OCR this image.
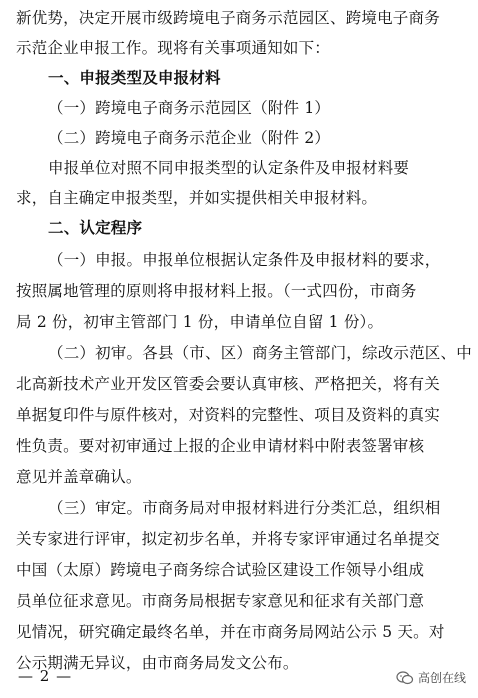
新优势，决定开展市级跨境电子商务示范园区、跨境电子商务
示范企业申报工作。现将有关事项通知如下：
一、申报类型及申报材料
（一）跨境电子商务示范园区（附件 1）
（二）跨境电子商务示范企业（附件 2）
申报单位对照不同申报类型的认定条件及申报材料要
求，自主确定申报类型，并如实提供相关申报材料。
二、认定程序
（一）申报。申报单位根据认定条件及申报材料的要求，
按照属地管理的原则将申报材料上报。（一式四份，市商务
局 2 份，初审主管部门 1 份，申请单位自留 1 份）。
（二）初审。各县（市、区）商务主管部门，综改示范区、中
北高新技术产业开发区管委会要认真审核、严格把关，将有关
单据复印件与原件核对，对资料的完整性、项目及资料的真实
性负责。要对初审通过上报的企业申请材料中附表签署审核
意见并盖章确认。
（三）审定。市商务局对申报材料进行分类汇总，组织相
关专家进行评审，拟定初步名单，并将专家评审通过名单提交
中国（太原）跨境电子商务综合试验区建设工作领导小组成
员单位征求意见。市商务局根据专家意见和征求有关部门意
见情况，研究确定最终名单，并在市商务局网站公示 5 天。对
公示期满无异议，由市商务局发文公布。
— 2 —	高创在线
